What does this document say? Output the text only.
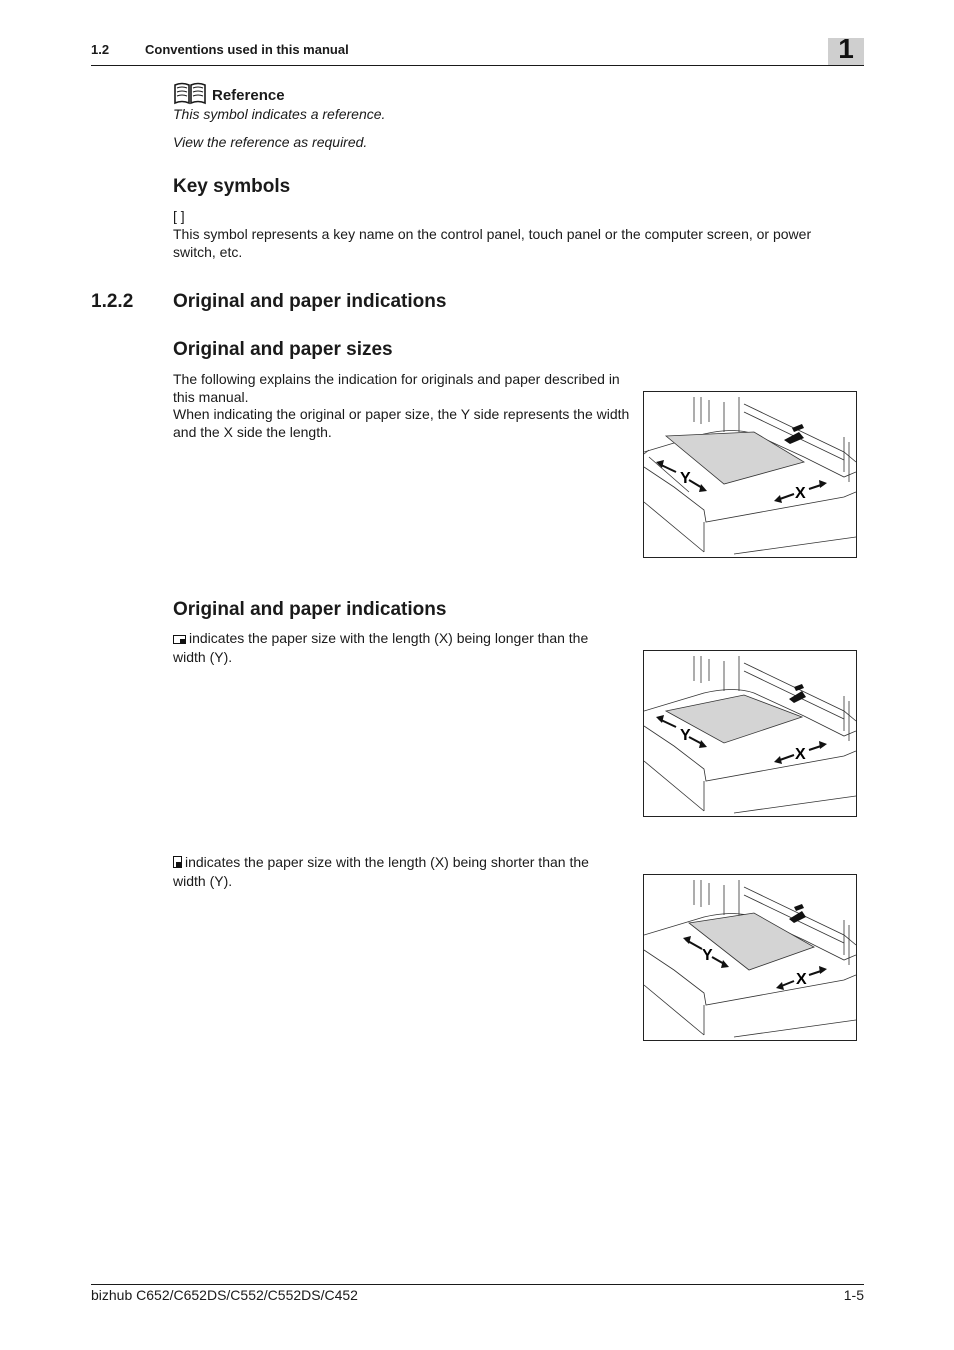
1.2	Conventions used in this manual	1
Reference
This symbol indicates a reference.
View the reference as required.
Key symbols
[ ]
This symbol represents a key name on the control panel, touch panel or the computer screen, or power switch, etc.
1.2.2 Original and paper indications
Original and paper sizes
The following explains the indication for originals and paper described in this manual.
When indicating the original or paper size, the Y side represents the width and the X side the length.
Y
X
Original and paper indications
indicates the paper size with the length (X) being longer than the width (Y).
Y
X
indicates the paper size with the length (X) being shorter than the width (Y).
Y
X
bizhub C652/C652DS/C552/C552DS/C452	1-5
